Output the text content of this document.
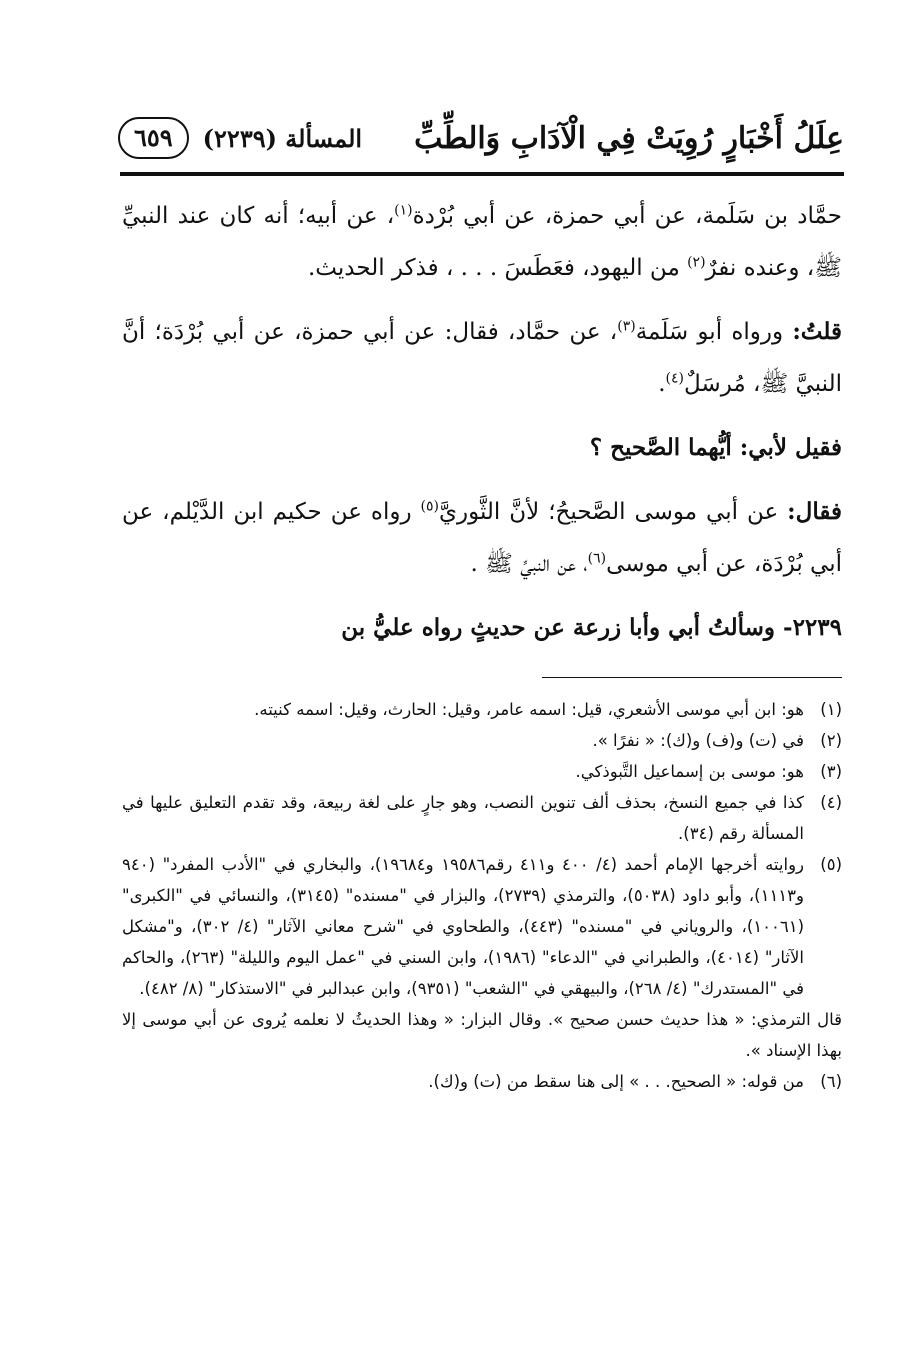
عِلَلُ أَخْبَارٍ رُوِيَتْ فِي الْآدَابِ وَالطِّبِّ
المسألة (٢٢٣٩)
٦٥٩

حمَّاد بن سَلَمة، عن أبي حمزة، عن أبي بُرْدة$^{(١)}$، عن أبيه؛ أنه كان عند النبيِّ ﷺ، وعنده نفرٌ$^{(٢)}$ من اليهود، فعَطَسَ . . . ، فذكر الحديث.

قلتُ: ورواه أبو سَلَمة$^{(٣)}$، عن حمَّاد، فقال: عن أبي حمزة، عن أبي بُرْدَة؛ أنَّ النبيَّ ﷺ، مُرسَلٌ$^{(٤)}$.

فقيل لأبي: أيُّهما الصَّحيح ؟

فقال: عن أبي موسى الصَّحيحُ؛ لأنَّ الثَّوريَّ$^{(٥)}$ رواه عن حكيم ابن الدَّيْلم، عن أبي بُرْدَة، عن أبي موسى$^{(٦)}$، عن النبيِّ ﷺ .

٢٢٣٩- وسألتُ أبي وأبا زرعة عن حديثٍ رواه عليُّ بن

(١)
هو: ابن أبي موسى الأشعري، قيل: اسمه عامر، وقيل: الحارث، وقيل: اسمه كنيته.
(٢)
في (ت) و(ف) و(ك): « نفرًا ».
(٣)
هو: موسى بن إسماعيل التَّبوذكي.
(٤)
كذا في جميع النسخ، بحذف ألف تنوين النصب، وهو جارٍ على لغة ربيعة، وقد تقدم التعليق عليها في المسألة رقم (٣٤).
(٥)
روايته أخرجها الإمام أحمد (٤/ ٤٠٠ و٤١١ رقم١٩٥٨٦ و١٩٦٨٤)، والبخاري في "الأدب المفرد" (٩٤٠ و١١١٣)، وأبو داود (٥٠٣٨)، والترمذي (٢٧٣٩)، والبزار في "مسنده" (٣١٤٥)، والنسائي في "الكبرى" (١٠٠٦١)، والروياني في "مسنده" (٤٤٣)، والطحاوي في "شرح معاني الآثار" (٤/ ٣٠٢)، و"مشكل الآثار" (٤٠١٤)، والطبراني في "الدعاء" (١٩٨٦)، وابن السني في "عمل اليوم والليلة" (٢٦٣)، والحاكم في "المستدرك" (٤/ ٢٦٨)، والبيهقي في "الشعب" (٩٣٥١)، وابن عبدالبر في "الاستذكار" (٨/ ٤٨٢).

قال الترمذي: « هذا حديث حسن صحيح ». وقال البزار: « وهذا الحديثُ لا نعلمه يُروى عن أبي موسى إلا بهذا الإسناد ».

(٦)
من قوله: « الصحيح. . . » إلى هنا سقط من (ت) و(ك).
